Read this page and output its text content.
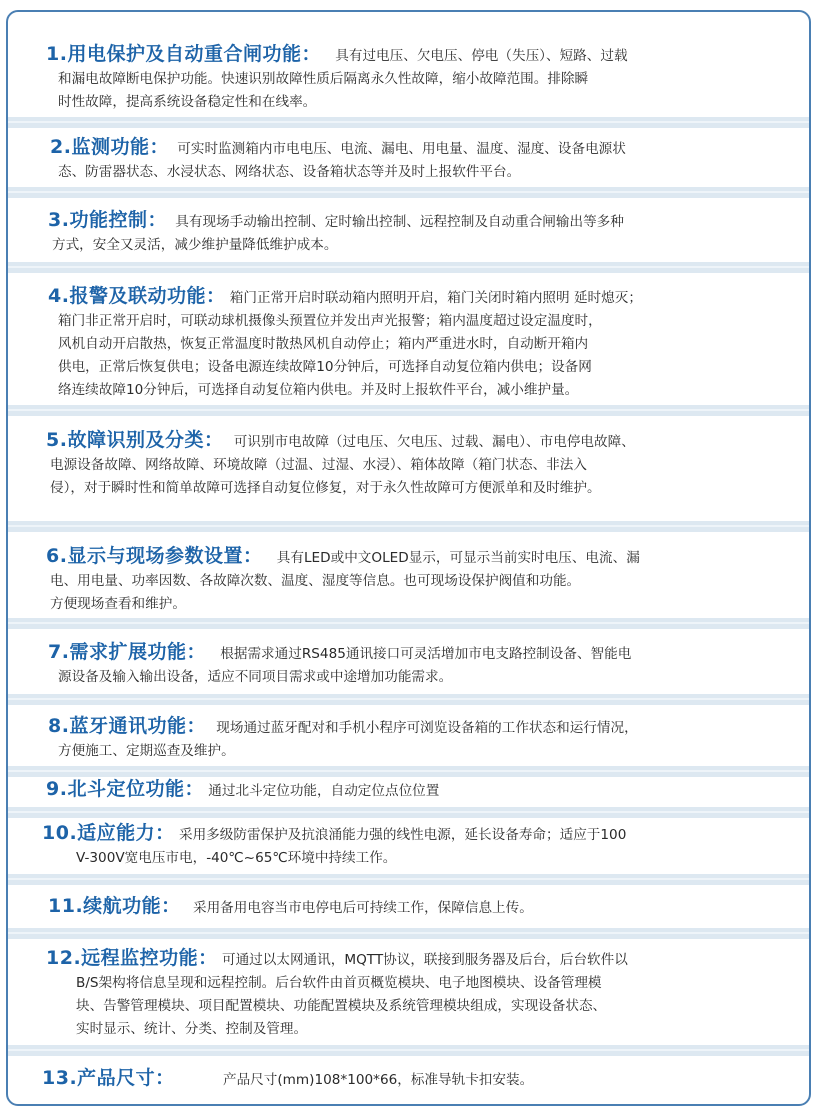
1.用电保护及自动重合闸功能： 具有过电压、欠电压、停电（失压）、短路、过载
和漏电故障断电保护功能。快速识别故障性质后隔离永久性故障，缩小故障范围。排除瞬
时性故障，提高系统设备稳定性和在线率。
2.监测功能： 可实时监测箱内市电电压、电流、漏电、用电量、温度、湿度、设备电源状
态、防雷器状态、水浸状态、网络状态、设备箱状态等并及时上报软件平台。
3.功能控制： 具有现场手动输出控制、定时输出控制、远程控制及自动重合闸输出等多种
方式，安全又灵活，减少维护量降低维护成本。
4.报警及联动功能： 箱门正常开启时联动箱内照明开启，箱门关闭时箱内照明 延时熄灭；
箱门非正常开启时，可联动球机摄像头预置位并发出声光报警；箱内温度超过设定温度时，
风机自动开启散热，恢复正常温度时散热风机自动停止；箱内严重进水时，自动断开箱内
供电，正常后恢复供电；设备电源连续故障10分钟后，可选择自动复位箱内供电；设备网
络连续故障10分钟后，可选择自动复位箱内供电。并及时上报软件平台，减小维护量。
5.故障识别及分类： 可识别市电故障（过电压、欠电压、过载、漏电）、市电停电故障、
电源设备故障、网络故障、环境故障（过温、过湿、水浸）、箱体故障（箱门状态、非法入
侵），对于瞬时性和简单故障可选择自动复位修复，对于永久性故障可方便派单和及时维护。
6.显示与现场参数设置： 具有LED或中文OLED显示，可显示当前实时电压、电流、漏
电、用电量、功率因数、各故障次数、温度、湿度等信息。也可现场设保护阀值和功能。
方便现场查看和维护。
7.需求扩展功能： 根据需求通过RS485通讯接口可灵活增加市电支路控制设备、智能电
源设备及输入输出设备，适应不同项目需求或中途增加功能需求。
8.蓝牙通讯功能： 现场通过蓝牙配对和手机小程序可浏览设备箱的工作状态和运行情况，
方便施工、定期巡查及维护。
9.北斗定位功能： 通过北斗定位功能，自动定位点位位置
10.适应能力： 采用多级防雷保护及抗浪涌能力强的线性电源，延长设备寿命；适应于100
V-300V宽电压市电，-40℃~65℃环境中持续工作。
11.续航功能： 采用备用电容当市电停电后可持续工作，保障信息上传。
12.远程监控功能： 可通过以太网通讯，MQTT协议，联接到服务器及后台，后台软件以
B/S架构将信息呈现和远程控制。后台软件由首页概览模块、电子地图模块、设备管理模
块、告警管理模块、项目配置模块、功能配置模块及系统管理模块组成，实现设备状态、
实时显示、统计、分类、控制及管理。
13.产品尺寸：	产品尺寸(mm)108*100*66，标准导轨卡扣安装。
